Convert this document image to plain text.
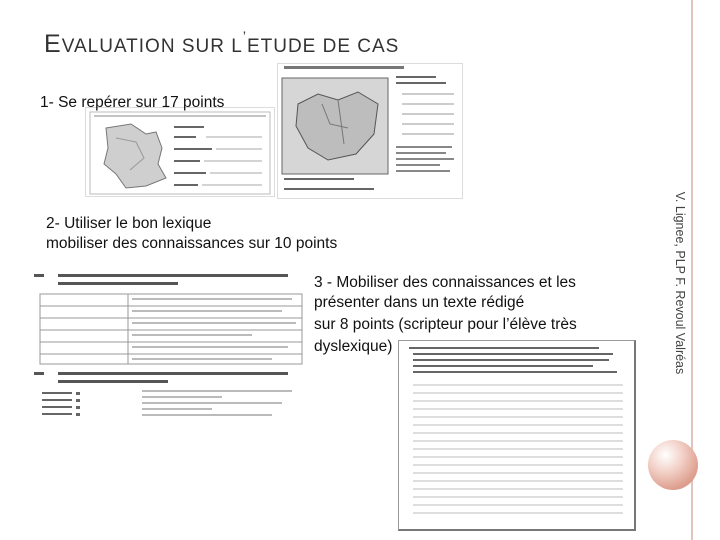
EVALUATION SUR L’ETUDE DE CAS
V. Lignee, PLP F. Revoul Valréas
1- Se repérer sur 17 points
2- Utiliser le bon lexique
mobiliser des connaissances sur 10 points
3 - Mobiliser des connaissances et les
présenter dans un texte rédigé
sur 8 points (scripteur pour l’élève très
dyslexique)
